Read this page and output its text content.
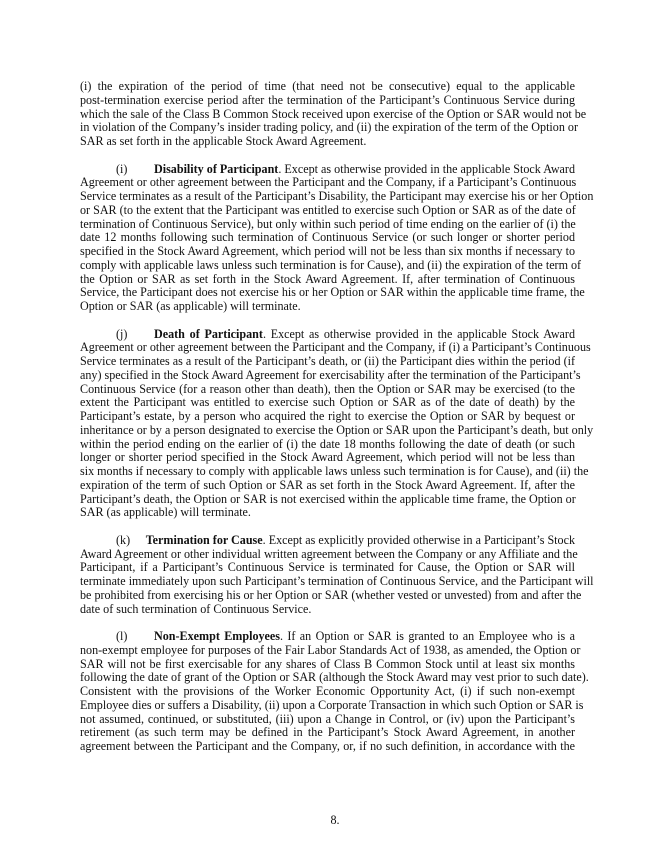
(i) the expiration of the period of time (that need not be consecutive) equal to the applicable
post-termination exercise period after the termination of the Participant’s Continuous Service during
which the sale of the Class B Common Stock received upon exercise of the Option or SAR would not be
in violation of the Company’s insider trading policy, and (ii) the expiration of the term of the Option or
SAR as set forth in the applicable Stock Award Agreement.
(i)	Disability of Participant. Except as otherwise provided in the applicable Stock Award
Agreement or other agreement between the Participant and the Company, if a Participant’s Continuous
Service terminates as a result of the Participant’s Disability, the Participant may exercise his or her Option
or SAR (to the extent that the Participant was entitled to exercise such Option or SAR as of the date of
termination of Continuous Service), but only within such period of time ending on the earlier of (i) the
date 12 months following such termination of Continuous Service (or such longer or shorter period
specified in the Stock Award Agreement, which period will not be less than six months if necessary to
comply with applicable laws unless such termination is for Cause), and (ii) the expiration of the term of
the Option or SAR as set forth in the Stock Award Agreement. If, after termination of Continuous
Service, the Participant does not exercise his or her Option or SAR within the applicable time frame, the
Option or SAR (as applicable) will terminate.
(j)	Death of Participant. Except as otherwise provided in the applicable Stock Award
Agreement or other agreement between the Participant and the Company, if (i) a Participant’s Continuous
Service terminates as a result of the Participant’s death, or (ii) the Participant dies within the period (if
any) specified in the Stock Award Agreement for exercisability after the termination of the Participant’s
Continuous Service (for a reason other than death), then the Option or SAR may be exercised (to the
extent the Participant was entitled to exercise such Option or SAR as of the date of death) by the
Participant’s estate, by a person who acquired the right to exercise the Option or SAR by bequest or
inheritance or by a person designated to exercise the Option or SAR upon the Participant’s death, but only
within the period ending on the earlier of (i) the date 18 months following the date of death (or such
longer or shorter period specified in the Stock Award Agreement, which period will not be less than
six months if necessary to comply with applicable laws unless such termination is for Cause), and (ii) the
expiration of the term of such Option or SAR as set forth in the Stock Award Agreement. If, after the
Participant’s death, the Option or SAR is not exercised within the applicable time frame, the Option or
SAR (as applicable) will terminate.
(k)	Termination for Cause. Except as explicitly provided otherwise in a Participant’s Stock
Award Agreement or other individual written agreement between the Company or any Affiliate and the
Participant, if a Participant’s Continuous Service is terminated for Cause, the Option or SAR will
terminate immediately upon such Participant’s termination of Continuous Service, and the Participant will
be prohibited from exercising his or her Option or SAR (whether vested or unvested) from and after the
date of such termination of Continuous Service.
(l)	Non-Exempt Employees. If an Option or SAR is granted to an Employee who is a
non-exempt employee for purposes of the Fair Labor Standards Act of 1938, as amended, the Option or
SAR will not be first exercisable for any shares of Class B Common Stock until at least six months
following the date of grant of the Option or SAR (although the Stock Award may vest prior to such date).
Consistent with the provisions of the Worker Economic Opportunity Act, (i) if such non-exempt
Employee dies or suffers a Disability, (ii) upon a Corporate Transaction in which such Option or SAR is
not assumed, continued, or substituted, (iii) upon a Change in Control, or (iv) upon the Participant’s
retirement (as such term may be defined in the Participant’s Stock Award Agreement, in another
agreement between the Participant and the Company, or, if no such definition, in accordance with the
8.
